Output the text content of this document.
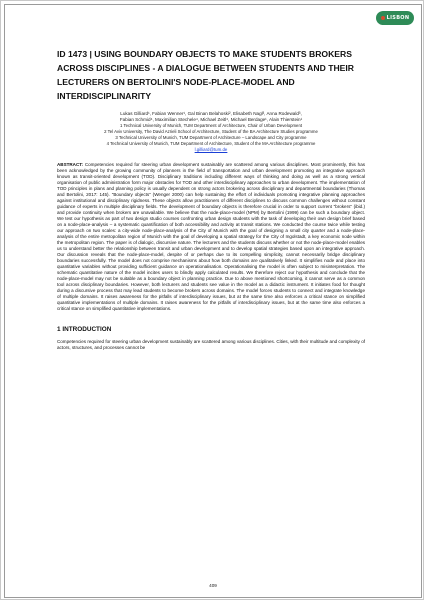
LISBON
ID 1473 | USING BOUNDARY OBJECTS TO MAKE STUDENTS BROKERS ACROSS DISCIPLINES - A DIALOGUE BETWEEN STUDENTS AND THEIR LECTURERS ON BERTOLINI'S NODE-PLACE-MODEL AND INTERDISCIPLINARITY
Lukas Gilliard¹, Fabian Wenner¹, Gal Binan Belahoski², Elisabeth Nagl³, Anna Rodewald³,
Fabian Schmid⁴, Maximilian Stechele⁴, Michael Zeitl⁴, Michael Berdage¹, Alain Thierstein¹
1 Technical University of Munich, TUM Department of Architecture, Chair of Urban Development
2 Tel Aviv University, The David Azrieli School of Architecture, Student of the BA Architecture Studies programme
3 Technical University of Munich, TUM Department of Architecture – Landscape and City programme
4 Technical University of Munich, TUM Department of Architecture, Student of the MA Architecture programme
l.gilliard@tum.de

ABSTRACT: Competencies required for steering urban development sustainably are scattered among various disciplines. Most prominently, this has been acknowledged by the growing community of planners in the field of transportation and urban development promoting an integrative approach known as transit-oriented development (TOD). Disciplinary traditions including different ways of thinking and doing as well as a strong vertical organisation of public administration form major obstacles for TOD and other interdisciplinary approaches to urban development. The implementation of TOD principles in plans and planning policy is usually dependent on strong actors brokering across disciplinary and departmental boundaries (Thomas and Bertolini, 2017: 145). "Boundary objects" (Wenger 2000) can help sustaining the effort of individuals promoting integrative planning approaches against institutional and disciplinary rigidness. These objects allow practitioners of different disciplines to discuss common challenges without constant guidance of experts in multiple disciplinary fields. The development of boundary objects is therefore crucial in order to support current "brokers" (ibid.) and provide continuity when brokers are unavailable. We believe that the node-place-model (NPM) by Bertolini (1999) can be such a boundary object. We test our hypothesis as part of two design studio courses confronting urban design students with the task of developing their own design brief based on a node-place-analysis – a systematic quantification of both accessibility and activity at transit stations. We conducted the course twice while testing our approach on two scales: a city-wide node-place-analysis of the City of Munich with the goal of designing a small city quarter and a node-place-analysis of the entire metropolitan region of Munich with the goal of developing a spatial strategy for the City of Ingolstadt, a key economic node within the metropolitan region. The paper is of dialogic, discursive nature. The lecturers and the students discuss whether or not the node-place-model enables us to understand better the relationship between transit and urban development and to develop spatial strategies based upon an integrative approach. Our discussion reveals that the node-place-model, despite of or perhaps due to its compelling simplicity, cannot necessarily bridge disciplinary boundaries successfully. The model does not comprise mechanisms about how both domains are qualitatively linked. It simplifies node and place into quantitative variables without providing sufficient guidance on operationalisation. Operationalising the model is often subject to misinterpretation. The schematic quantitative nature of the model incites users to blindly apply calculated results. We therefore reject our hypothesis and conclude that the node-place-model may not be suitable as a boundary object in planning practice. Due to above mentioned shortcoming, it cannot serve as a common tool across disciplinary boundaries. However, both lecturers and students see value in the model as a didactic instrument. It initiates food for thought during a discursive process that may lead students to become brokers across domains. The model forces students to connect and integrate knowledge of multiple domains. It raises awareness for the pitfalls of interdisciplinary issues, but at the same time also enforces a critical stance on simplified quantitative implementations of multiple domains. It raises awareness for the pitfalls of interdisciplinary issues, but at the same time also enforces a critical stance on simplified quantitative implementations.

1 INTRODUCTION

Competencies required for steering urban development sustainably are scattered among various disciplines. Cities, with their multitude and complexity of actors, structures, and processes cannot be

409
